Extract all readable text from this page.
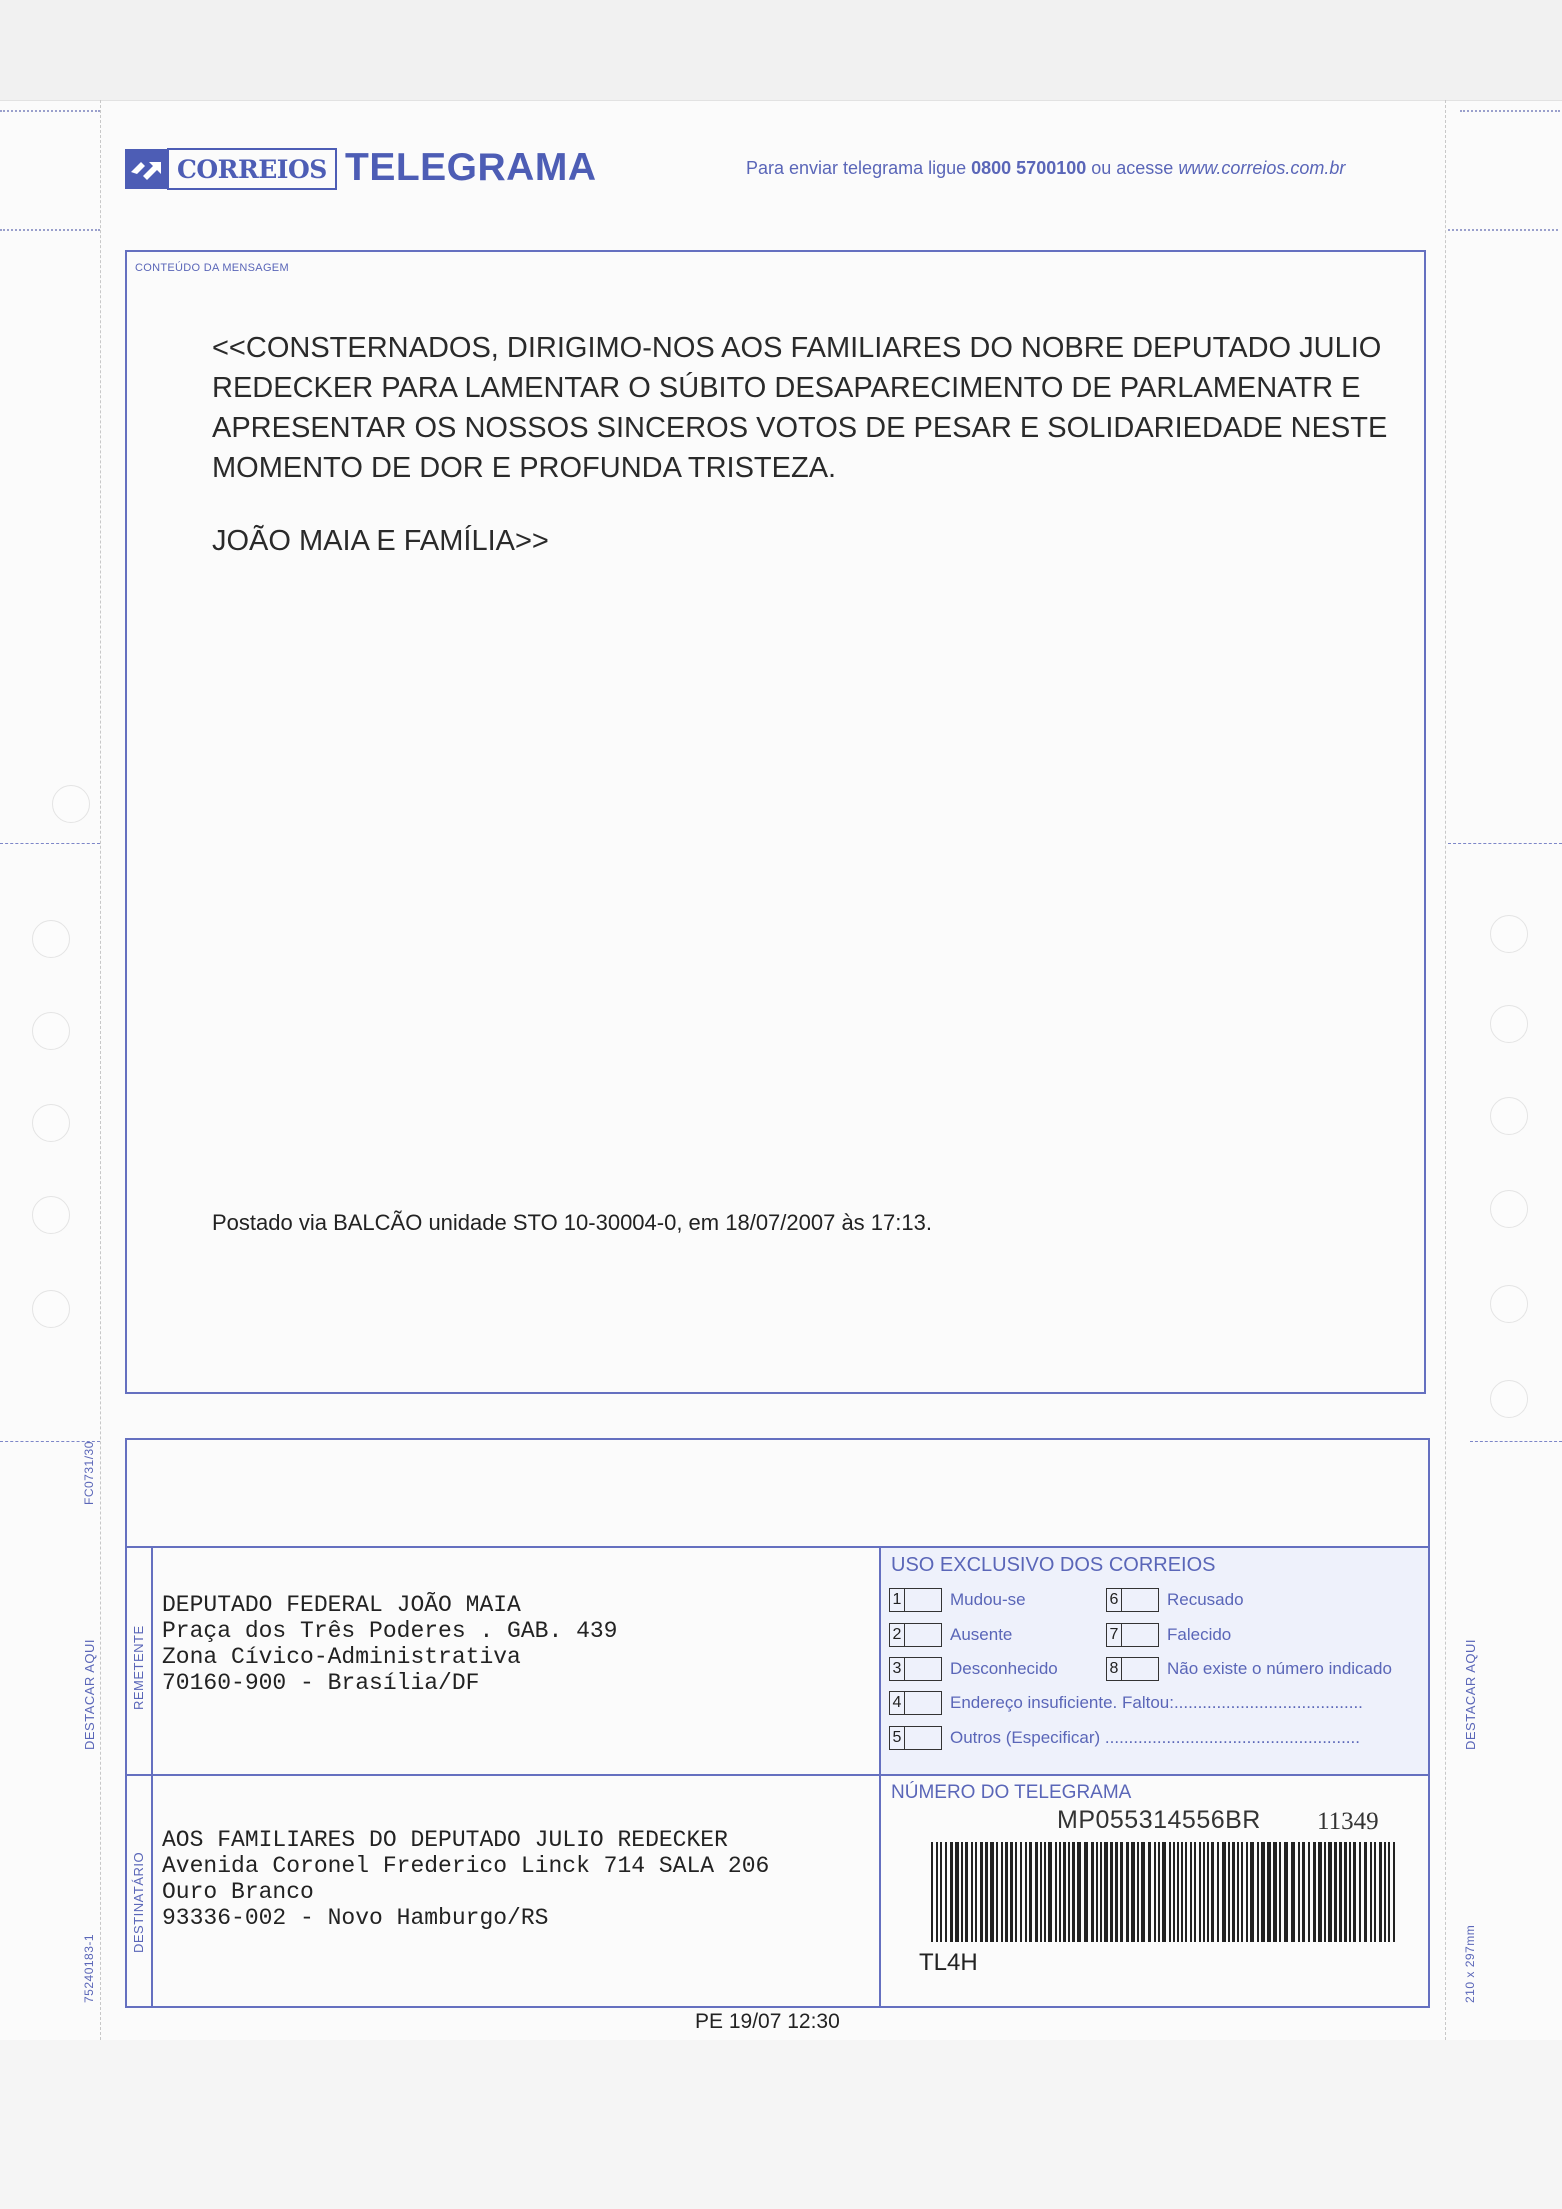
CORREIOS TELEGRAMA	Para enviar telegrama ligue 0800 5700100 ou acesse www.correios.com.br
CONTEÚDO DA MENSAGEM
<<CONSTERNADOS, DIRIGIMO-NOS AOS FAMILIARES DO NOBRE DEPUTADO JULIO REDECKER PARA LAMENTAR O SÚBITO DESAPARECIMENTO DE PARLAMENATR E APRESENTAR OS NOSSOS SINCEROS VOTOS DE PESAR E SOLIDARIEDADE NESTE MOMENTO DE DOR E PROFUNDA TRISTEZA.
JOÃO MAIA E FAMÍLIA>>
Postado via BALCÃO unidade STO 10-30004-0, em 18/07/2007 às 17:13.
FC0731/30
DESTACAR AQUI
75240183-1
DESTACAR AQUI
210 x 297mm
REMETENTE
DESTINATÁRIO
DEPUTADO FEDERAL JOÃO MAIA
Praça dos Três Poderes . GAB. 439
Zona Cívico-Administrativa
70160-900 - Brasília/DF
AOS FAMILIARES DO DEPUTADO JULIO REDECKER
Avenida Coronel Frederico Linck 714 SALA 206
Ouro Branco
93336-002 - Novo Hamburgo/RS
USO EXCLUSIVO DOS CORREIOS
1	Mudou-se
2	Ausente
3	Desconhecido
4	Endereço insuficiente. Faltou:........................................
5	Outros (Especificar) ......................................................
6	Recusado
7	Falecido
8	Não existe o número indicado
NÚMERO DO TELEGRAMA
MP055314556BR 11349
TL4H
PE 19/07 12:30
